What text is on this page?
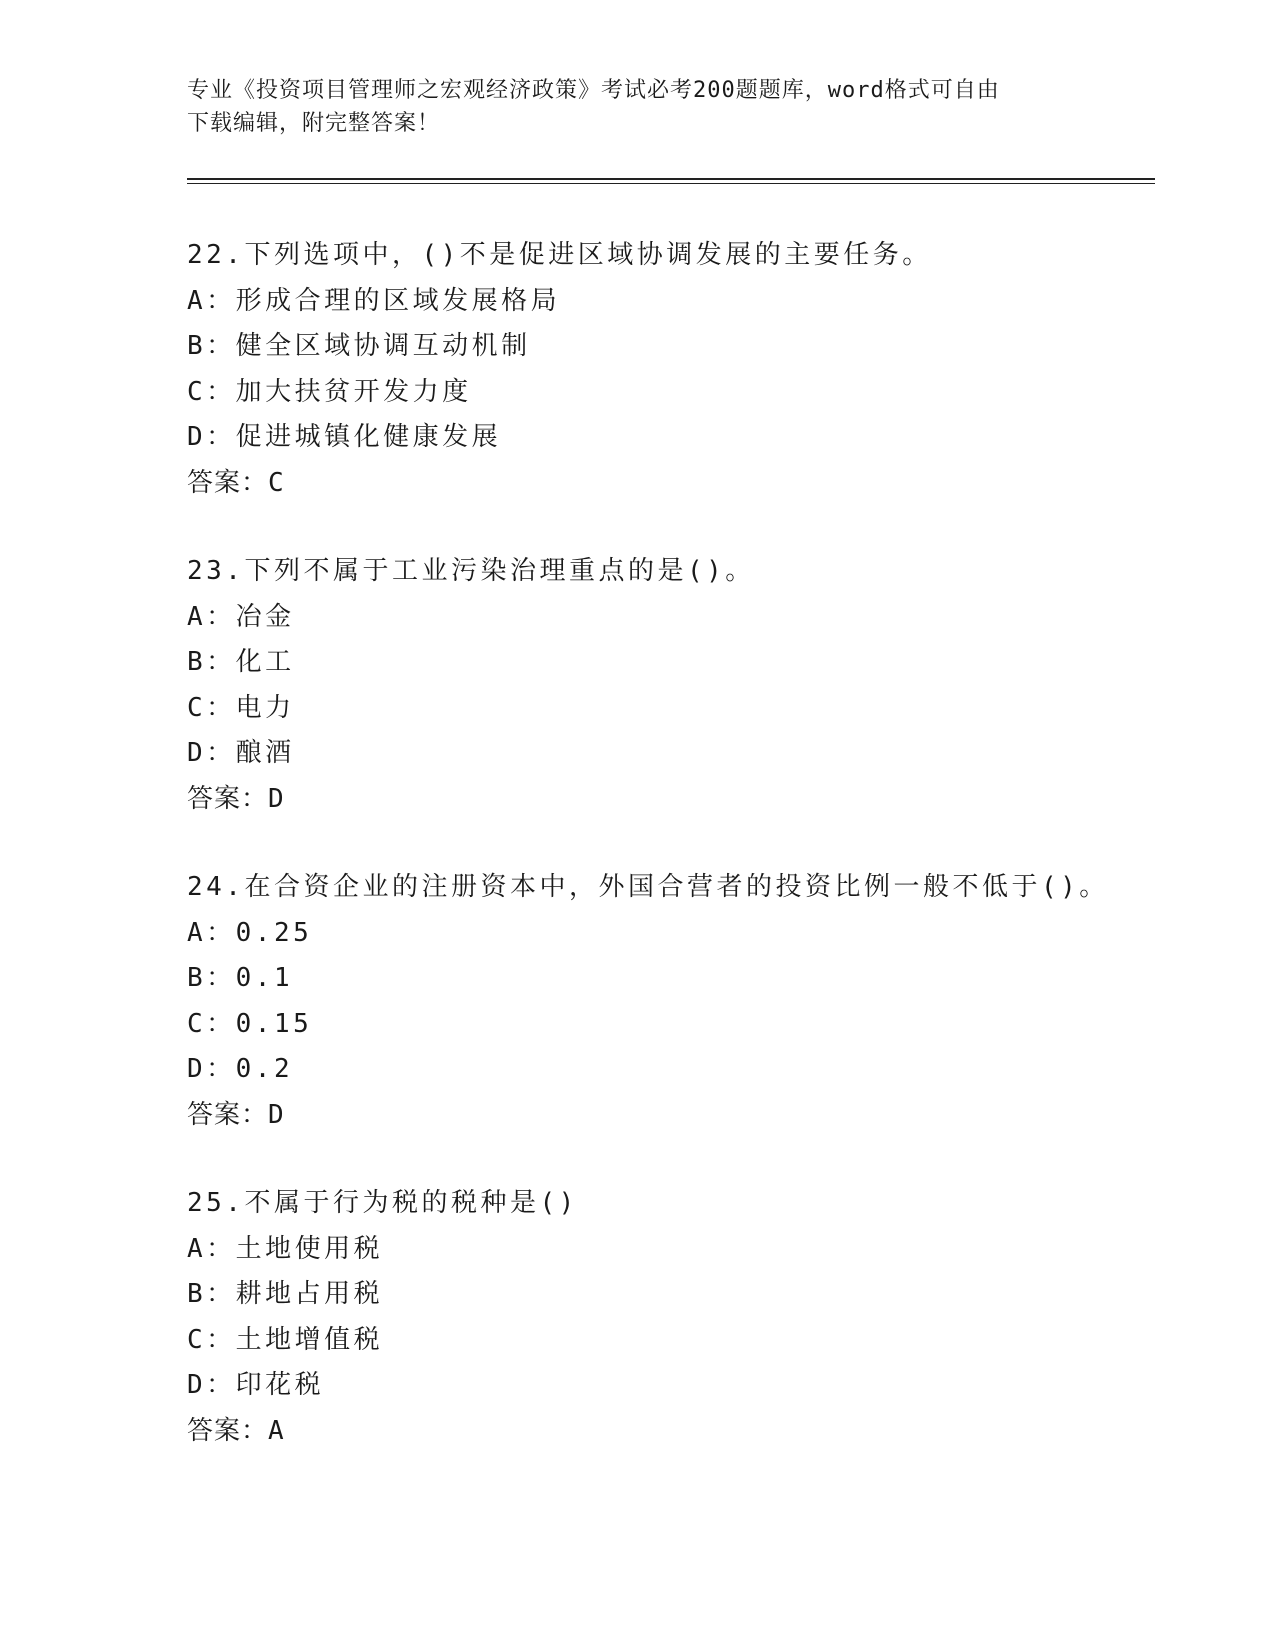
专业《投资项目管理师之宏观经济政策》考试必考200题题库，word格式可自由
下载编辑，附完整答案！
22.下列选项中，()不是促进区域协调发展的主要任务。
A：形成合理的区域发展格局
B：健全区域协调互动机制
C：加大扶贫开发力度
D：促进城镇化健康发展
答案：C
23.下列不属于工业污染治理重点的是()。
A：冶金
B：化工
C：电力
D：酿酒
答案：D
24.在合资企业的注册资本中，外国合营者的投资比例一般不低于()。
A：0.25
B：0.1
C：0.15
D：0.2
答案：D
25.不属于行为税的税种是()
A：土地使用税
B：耕地占用税
C：土地增值税
D：印花税
答案：A
